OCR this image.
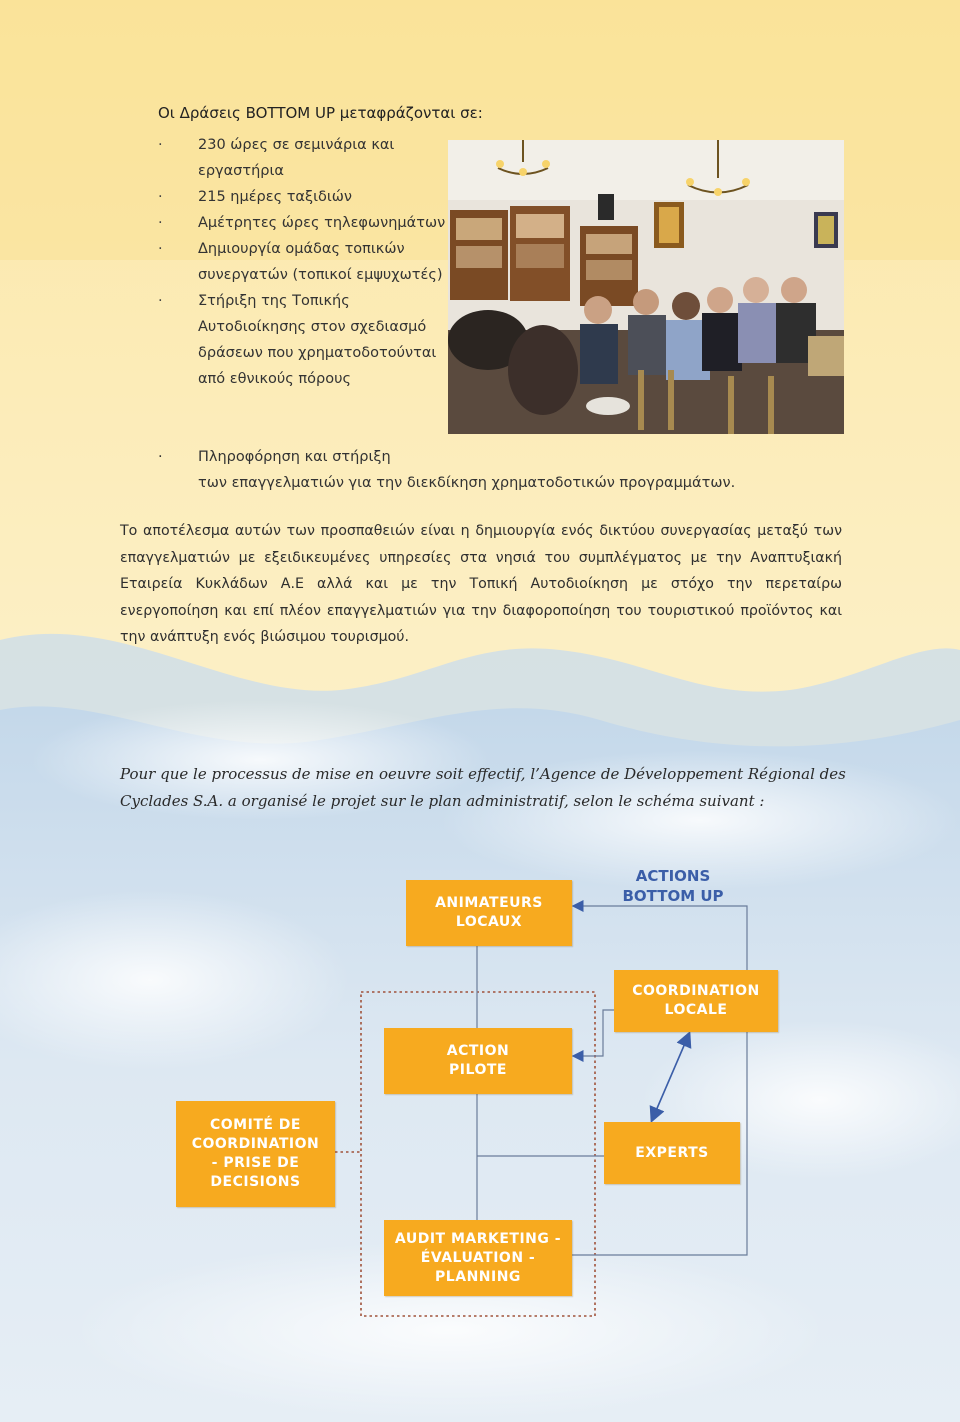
Οι Δράσεις BOTTOM UP μεταφράζονται σε:
· 230 ώρες σε σεμινάρια και εργαστήρια
· 215 ημέρες ταξιδιών
· Αμέτρητες ώρες τηλεφωνημάτων
· Δημιουργία ομάδας τοπικών συνεργατών (τοπικοί εμψυχωτές)
· Στήριξη της Τοπικής Αυτοδιοίκησης στον σχεδιασμό δράσεων που χρηματοδοτούνται από εθνικούς πόρους
·	Πληροφόρηση και στήριξη
των επαγγελματιών για την διεκδίκηση χρηματοδοτικών προγραμμάτων.
Το αποτέλεσμα αυτών των προσπαθειών είναι η δημιουργία ενός δικτύου συνεργασίας μεταξύ των επαγγελματιών με εξειδικευμένες υπηρεσίες στα νησιά του συμπλέγματος με την Αναπτυξιακή Εταιρεία Κυκλάδων Α.Ε αλλά και με την Τοπική Αυτοδιοίκηση με στόχο την περεταίρω ενεργοποίηση και επί πλέον επαγγελματιών για την διαφοροποίηση του τουριστικού προϊόντος και την ανάπτυξη ενός βιώσιμου τουρισμού.
Pour que le processus de mise en oeuvre soit effectif, l’Agence de Développement Régional des Cyclades S.A. a organisé le projet sur le plan administratif, selon le schéma suivant :
ACTIONS
BOTTOM UP
ANIMATEURS
LOCAUX
COORDINATION
LOCALE
ACTION
PILOTE
COMITÉ DE
COORDINATION
- PRISE DE
DECISIONS
EXPERTS
AUDIT MARKETING -
ÉVALUATION -
PLANNING
